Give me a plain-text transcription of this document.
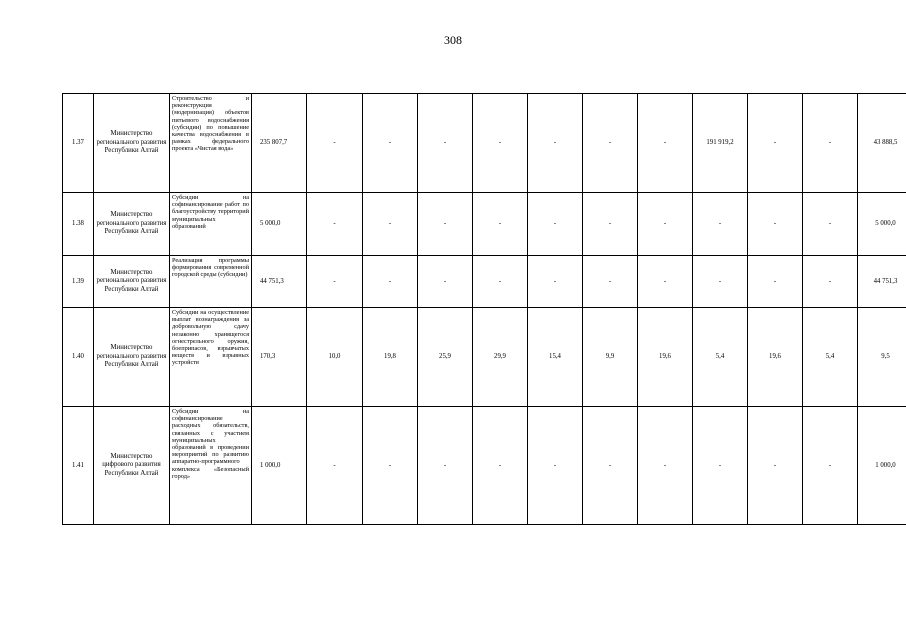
308
1.37	Министерство регионального развития Республики Алтай	Строительство и реконструкция (модернизация) объектов питьевого водоснабжения (субсидии) по повышение качества водоснабжения в рамках федерального проекта «Чистая вода»	235 807,7	-	-	-	-	-	-	-	191 919,2	-	-	43 888,5
1.38	Министерство регионального развития Республики Алтай	Субсидии на софинансирование работ по благоустройству территорий муниципальных образований	5 000,0	-	-	-	-	-	-	-	-	-	-	5 000,0
1.39	Министерство регионального развития Республики Алтай	Реализация программы формирования современной городской среды (субсидии)	44 751,3	-	-	-	-	-	-	-	-	-	-	44 751,3
1.40	Министерство регионального развития Республики Алтай	Субсидии на осуществление выплат вознаграждения за добровольную сдачу незаконно хранящегося огнестрельного оружия, боеприпасов, взрывчатых веществ и взрывных устройств	170,3	10,0	19,8	25,9	29,9	15,4	9,9	19,6	5,4	19,6	5,4	9,5
1.41	Министерство цифрового развития Республики Алтай	Субсидии на софинансирование расходных обязательств, связанных с участием муниципальных образований в проведении мероприятий по развитию аппаратно-программного комплекса «Безопасный город»	1 000,0	-	-	-	-	-	-	-	-	-	-	1 000,0
